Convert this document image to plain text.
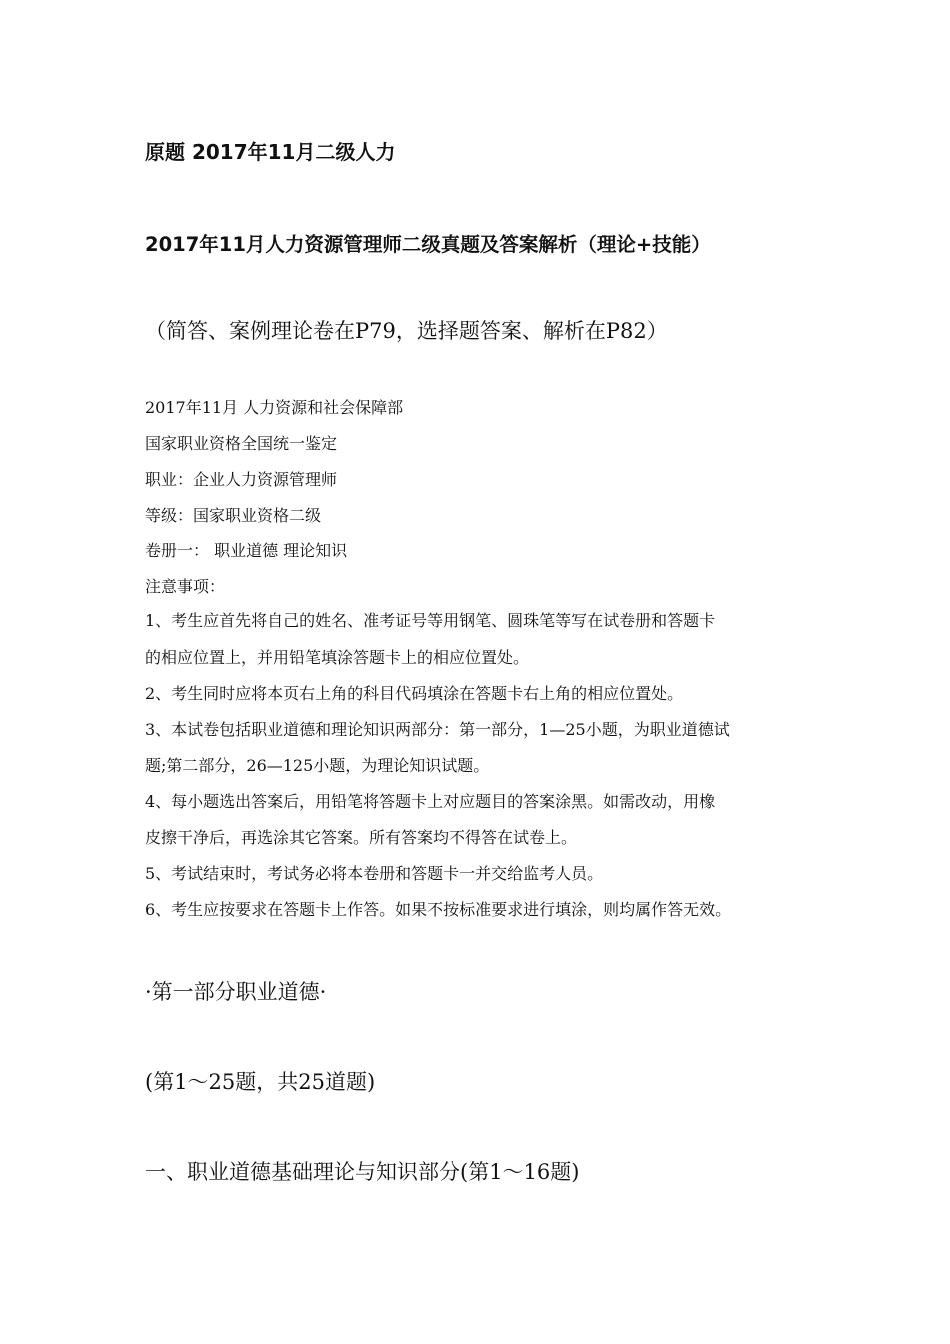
原题 2017年11月二级人力
2017年11月人力资源管理师二级真题及答案解析（理论+技能）
（简答、案例理论卷在P79，选择题答案、解析在P82）
2017年11月 人力资源和社会保障部
国家职业资格全国统一鉴定
职业：企业人力资源管理师
等级：国家职业资格二级
卷册一： 职业道德 理论知识
注意事项：
1、考生应首先将自己的姓名、准考证号等用钢笔、圆珠笔等写在试卷册和答题卡
的相应位置上，并用铅笔填涂答题卡上的相应位置处。
2、考生同时应将本页右上角的科目代码填涂在答题卡右上角的相应位置处。
3、本试卷包括职业道德和理论知识两部分：第一部分，1—25小题，为职业道德试
题;第二部分，26—125小题，为理论知识试题。
4、每小题选出答案后，用铅笔将答题卡上对应题目的答案涂黑。如需改动，用橡
皮擦干净后，再选涂其它答案。所有答案均不得答在试卷上。
5、考试结束时，考试务必将本卷册和答题卡一并交给监考人员。
6、考生应按要求在答题卡上作答。如果不按标准要求进行填涂，则均属作答无效。
·第一部分职业道德·
(第1～25题，共25道题)
一、职业道德基础理论与知识部分(第1～16题)
